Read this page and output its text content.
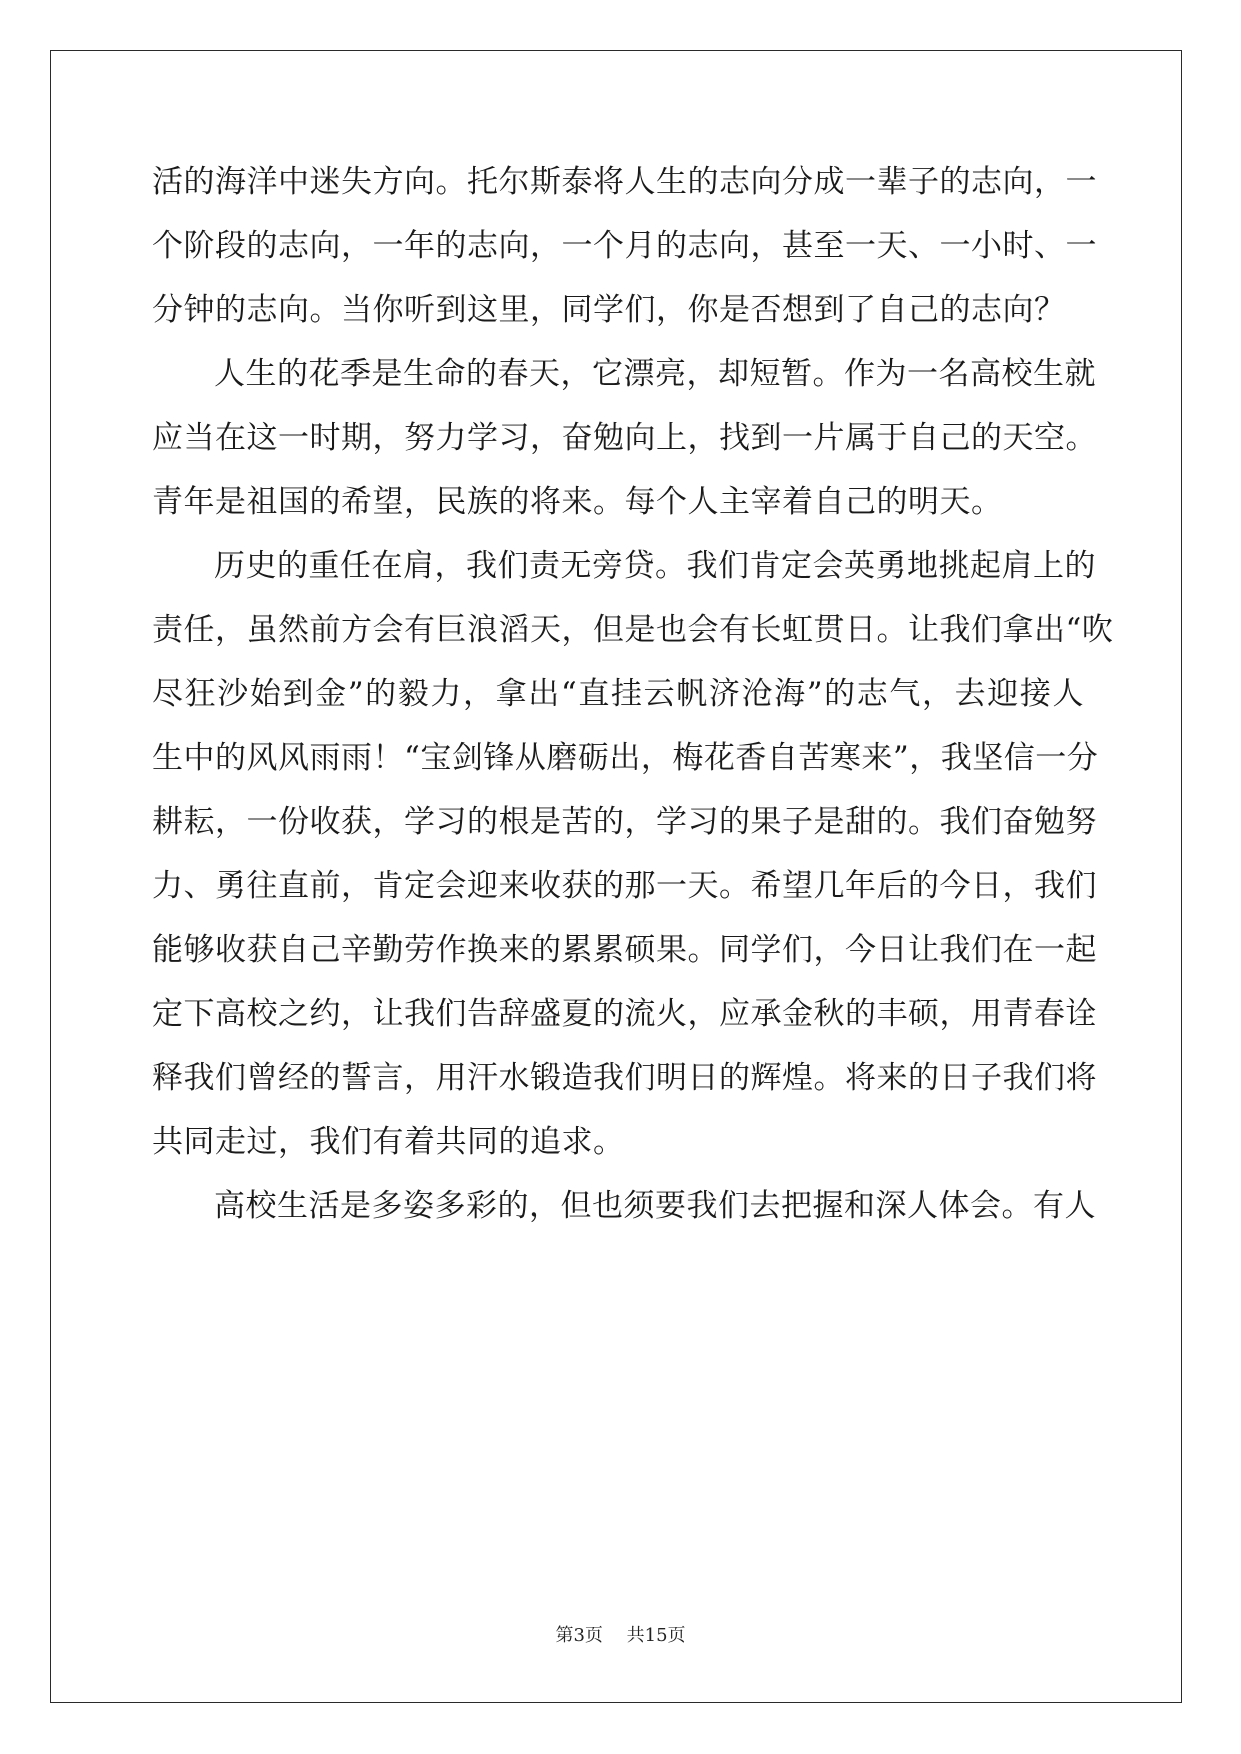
活的海洋中迷失方向。托尔斯泰将人生的志向分成一辈子的志向，一
个阶段的志向，一年的志向，一个月的志向，甚至一天、一小时、一
分钟的志向。当你听到这里，同学们，你是否想到了自己的志向？
人生的花季是生命的春天，它漂亮，却短暂。作为一名高校生就
应当在这一时期，努力学习，奋勉向上，找到一片属于自己的天空。
青年是祖国的希望，民族的将来。每个人主宰着自己的明天。
历史的重任在肩，我们责无旁贷。我们肯定会英勇地挑起肩上的
责任，虽然前方会有巨浪滔天，但是也会有长虹贯日。让我们拿出“吹
尽狂沙始到金”的毅力，拿出“直挂云帆济沧海”的志气，去迎接人
生中的风风雨雨！“宝剑锋从磨砺出，梅花香自苦寒来”，我坚信一分
耕耘，一份收获，学习的根是苦的，学习的果子是甜的。我们奋勉努
力、勇往直前，肯定会迎来收获的那一天。希望几年后的今日，我们
能够收获自己辛勤劳作换来的累累硕果。同学们，今日让我们在一起
定下高校之约，让我们告辞盛夏的流火，应承金秋的丰硕，用青春诠
释我们曾经的誓言，用汗水锻造我们明日的辉煌。将来的日子我们将
共同走过，我们有着共同的追求。
高校生活是多姿多彩的，但也须要我们去把握和深人体会。有人
第3页 共15页
